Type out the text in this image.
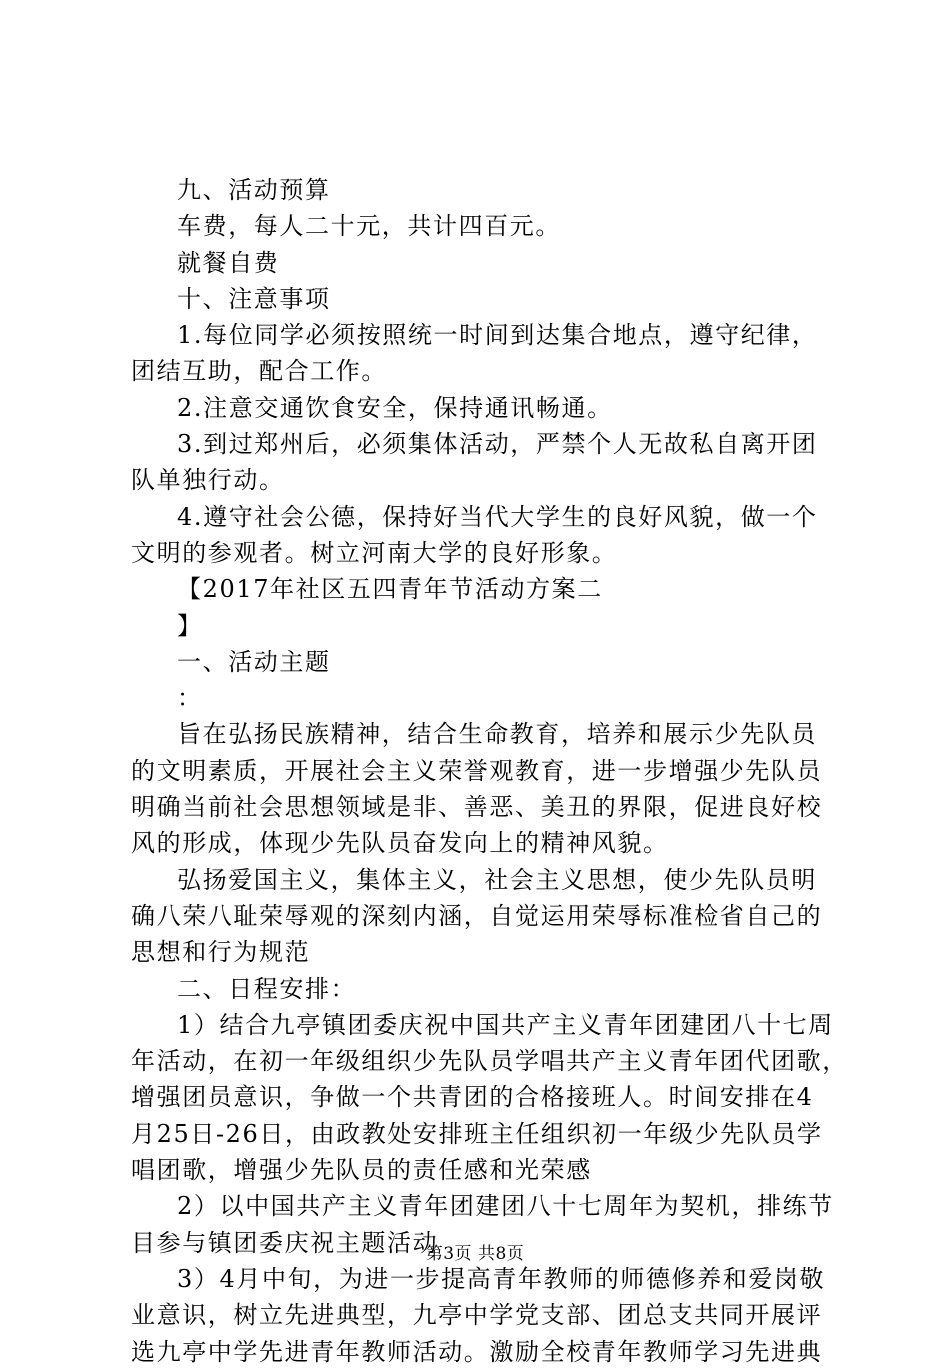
九、活动预算
车费，每人二十元，共计四百元。
就餐自费
十、注意事项
1.每位同学必须按照统一时间到达集合地点，遵守纪律，
团结互助，配合工作。
2.注意交通饮食安全，保持通讯畅通。
3.到过郑州后，必须集体活动，严禁个人无故私自离开团
队单独行动。
4.遵守社会公德，保持好当代大学生的良好风貌，做一个
文明的参观者。树立河南大学的良好形象。
【2017年社区五四青年节活动方案二
】
一、活动主题
：
旨在弘扬民族精神，结合生命教育，培养和展示少先队员
的文明素质，开展社会主义荣誉观教育，进一步增强少先队员
明确当前社会思想领域是非、善恶、美丑的界限，促进良好校
风的形成，体现少先队员奋发向上的精神风貌。
弘扬爱国主义，集体主义，社会主义思想，使少先队员明
确八荣八耻荣辱观的深刻内涵，自觉运用荣辱标准检省自己的
思想和行为规范
二、日程安排：
1）结合九亭镇团委庆祝中国共产主义青年团建团八十七周
年活动，在初一年级组织少先队员学唱共产主义青年团代团歌，
增强团员意识，争做一个共青团的合格接班人。时间安排在4
月25日-26日，由政教处安排班主任组织初一年级少先队员学
唱团歌，增强少先队员的责任感和光荣感
2）以中国共产主义青年团建团八十七周年为契机，排练节
目参与镇团委庆祝主题活动
3）4月中旬，为进一步提高青年教师的师德修养和爱岗敬
业意识，树立先进典型，九亭中学党支部、团总支共同开展评
选九亭中学先进青年教师活动。激励全校青年教师学习先进典
第3页 共8页
